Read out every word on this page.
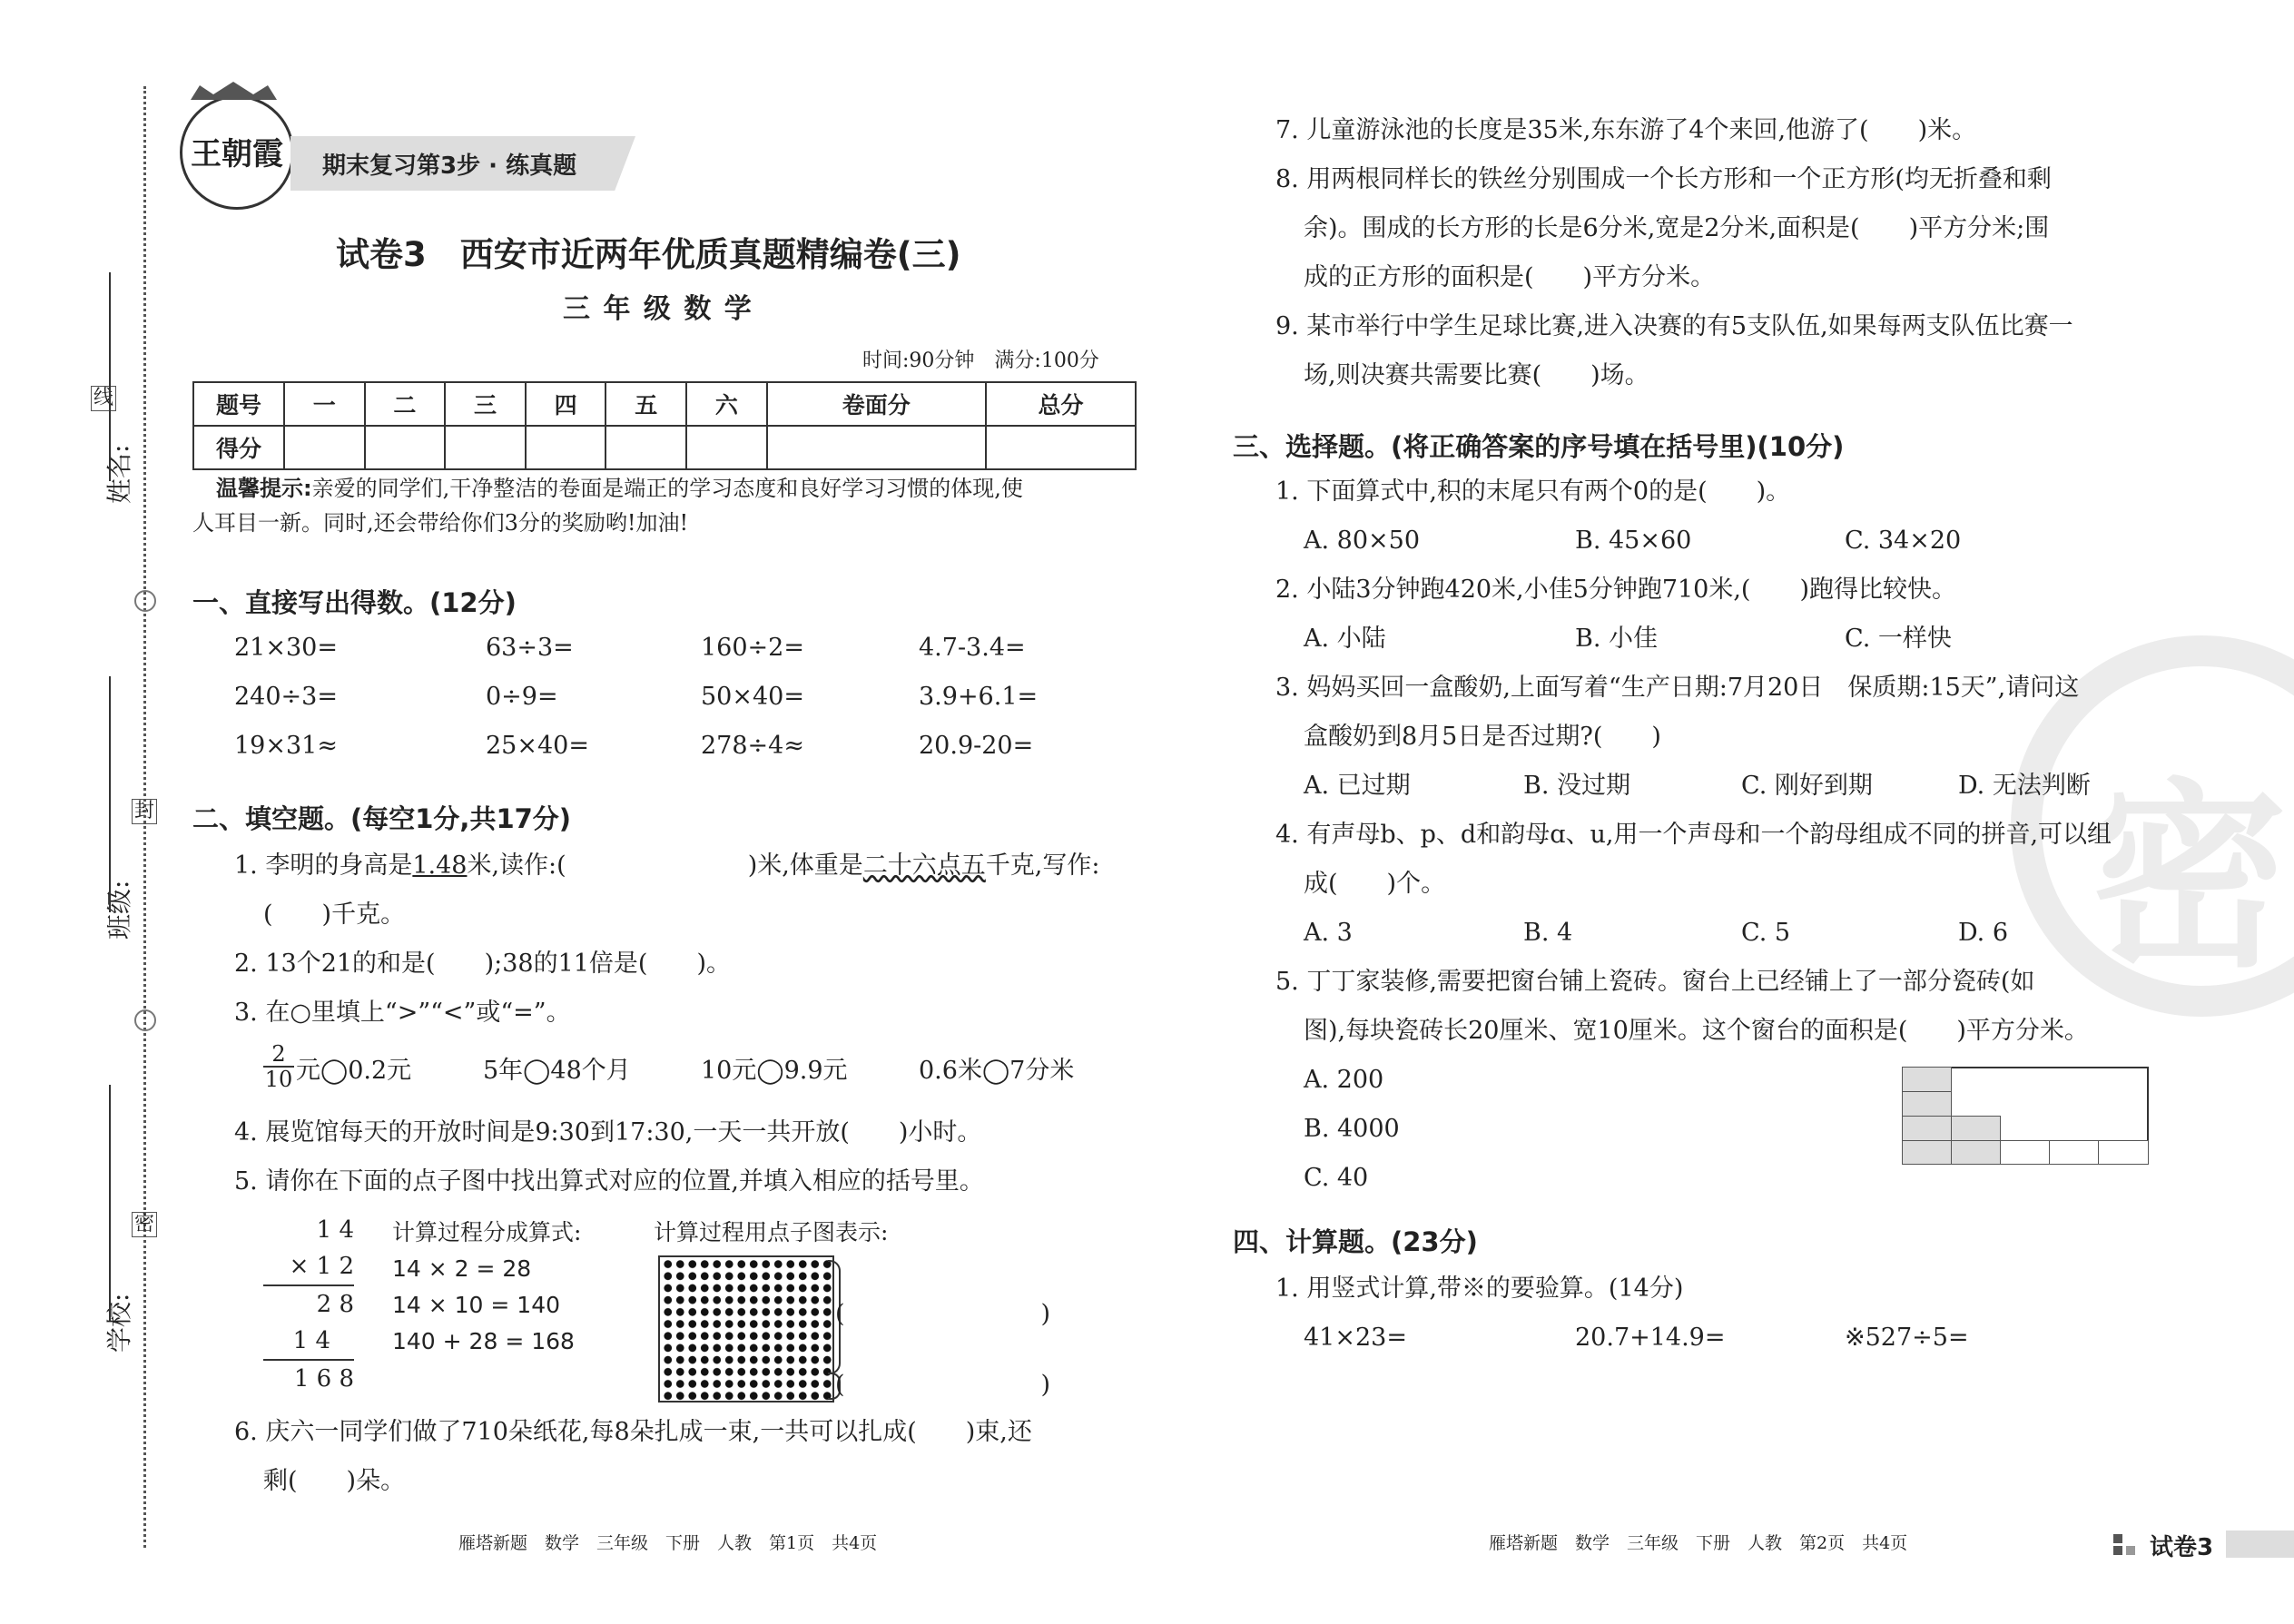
密
线
封
密
姓名:
班级:
学校:
王朝霞 期末复习第3步 · 练真题
试卷3　西安市近两年优质真题精编卷(三)
三 年 级 数 学
时间:90分钟　满分:100分
题号	一	二	三	四	五	六	卷面分	总分
得分								
温馨提示:亲爱的同学们,干净整洁的卷面是端正的学习态度和良好学习习惯的体现,使
人耳目一新。同时,还会带给你们3分的奖励哟!加油!
一、直接写出得数。(12分)
21×30=	63÷3=	160÷2=	4.7-3.4=
240÷3=	0÷9=	50×40=	3.9+6.1=
19×31≈	25×40=	278÷4≈	20.9-20=
二、填空题。(每空1分,共17分)
1. 李明的身高是1.48米,读作:(	)米,体重是二十六点五千克,写作:
(　　)千克。
2. 13个21的和是(　　);38的11倍是(　　)。
3. 在○里填上“>”“<”或“=”。
$\frac{2}{10}$ 元◯0.2元	5年◯48个月	10元◯9.9元	0.6米◯7分米
4. 展览馆每天的开放时间是9:30到17:30,一天一共开放(　　)小时。
5. 请你在下面的点子图中找出算式对应的位置,并填入相应的括号里。
1 4
× 1 2
2 8
1 4
1 6 8
计算过程分成算式:
14 × 2 = 28
14 × 10 = 140
140 + 28 = 168
计算过程用点子图表示:
(　　　　　　　　)
(　　　　　　　　)
6. 庆六一同学们做了710朵纸花,每8朵扎成一束,一共可以扎成(　　)束,还
剩(　　)朵。
7. 儿童游泳池的长度是35米,东东游了4个来回,他游了(　　)米。
8. 用两根同样长的铁丝分别围成一个长方形和一个正方形(均无折叠和剩
余)。围成的长方形的长是6分米,宽是2分米,面积是(　　)平方分米;围
成的正方形的面积是(　　)平方分米。
9. 某市举行中学生足球比赛,进入决赛的有5支队伍,如果每两支队伍比赛一
场,则决赛共需要比赛(　　)场。
三、选择题。(将正确答案的序号填在括号里)(10分)
1. 下面算式中,积的末尾只有两个0的是(　　)。
A. 80×50	B. 45×60	C. 34×20
2. 小陆3分钟跑420米,小佳5分钟跑710米,(　　)跑得比较快。
A. 小陆	B. 小佳	C. 一样快
3. 妈妈买回一盒酸奶,上面写着“生产日期:7月20日　保质期:15天”,请问这
盒酸奶到8月5日是否过期?(　　)
A. 已过期	B. 没过期	C. 刚好到期	D. 无法判断
4. 有声母b、p、d和韵母ɑ、u,用一个声母和一个韵母组成不同的拼音,可以组
成(　　)个。
A. 3	B. 4	C. 5	D. 6
5. 丁丁家装修,需要把窗台铺上瓷砖。窗台上已经铺上了一部分瓷砖(如
图),每块瓷砖长20厘米、宽10厘米。这个窗台的面积是(　　)平方分米。
A. 200
B. 4000
C. 40
四、计算题。(23分)
1. 用竖式计算,带※的要验算。(14分)
41×23=	20.7+14.9=	※527÷5=
雁塔新题　数学　三年级　下册　人教　第1页　共4页	雁塔新题　数学　三年级　下册　人教　第2页　共4页	试卷3
